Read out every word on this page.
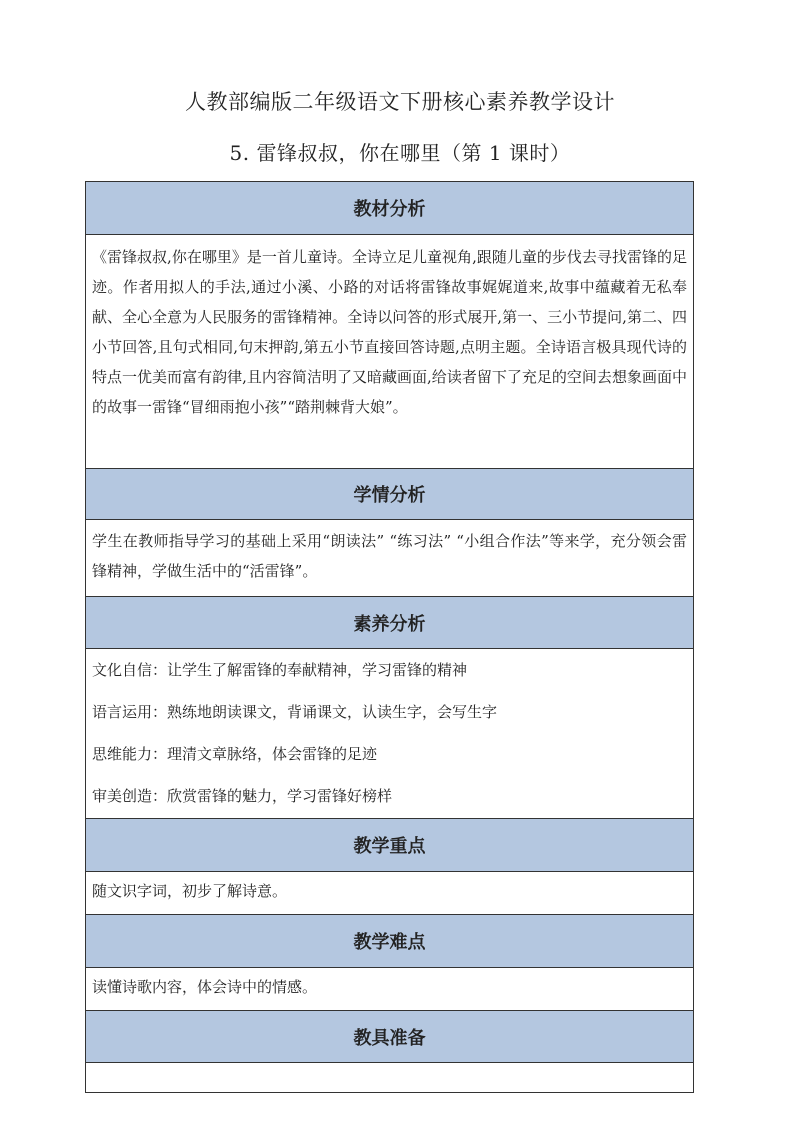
人教部编版二年级语文下册核心素养教学设计
5. 雷锋叔叔，你在哪里（第 1 课时）
教材分析
《雷锋叔叔,你在哪里》是一首儿童诗。全诗立足儿童视角,跟随儿童的步伐去寻找雷锋的足迹。作者用拟人的手法,通过小溪、小路的对话将雷锋故事娓娓道来,故事中蕴藏着无私奉献、全心全意为人民服务的雷锋精神。全诗以问答的形式展开,第一、三小节提问,第二、四小节回答,且句式相同,句末押韵,第五小节直接回答诗题,点明主题。全诗语言极具现代诗的特点一优美而富有韵律,且内容简洁明了又暗藏画面,给读者留下了充足的空间去想象画面中的故事一雷锋“冒细雨抱小孩”“踏荆棘背大娘”。
学情分析
学生在教师指导学习的基础上采用“朗读法” “练习法” “小组合作法”等来学，充分领会雷锋精神，学做生活中的“活雷锋”。
素养分析
文化自信：让学生了解雷锋的奉献精神，学习雷锋的精神
语言运用：熟练地朗读课文，背诵课文，认读生字，会写生字
思维能力：理清文章脉络，体会雷锋的足迹
审美创造：欣赏雷锋的魅力，学习雷锋好榜样
教学重点
随文识字词，初步了解诗意。
教学难点
读懂诗歌内容，体会诗中的情感。
教具准备
